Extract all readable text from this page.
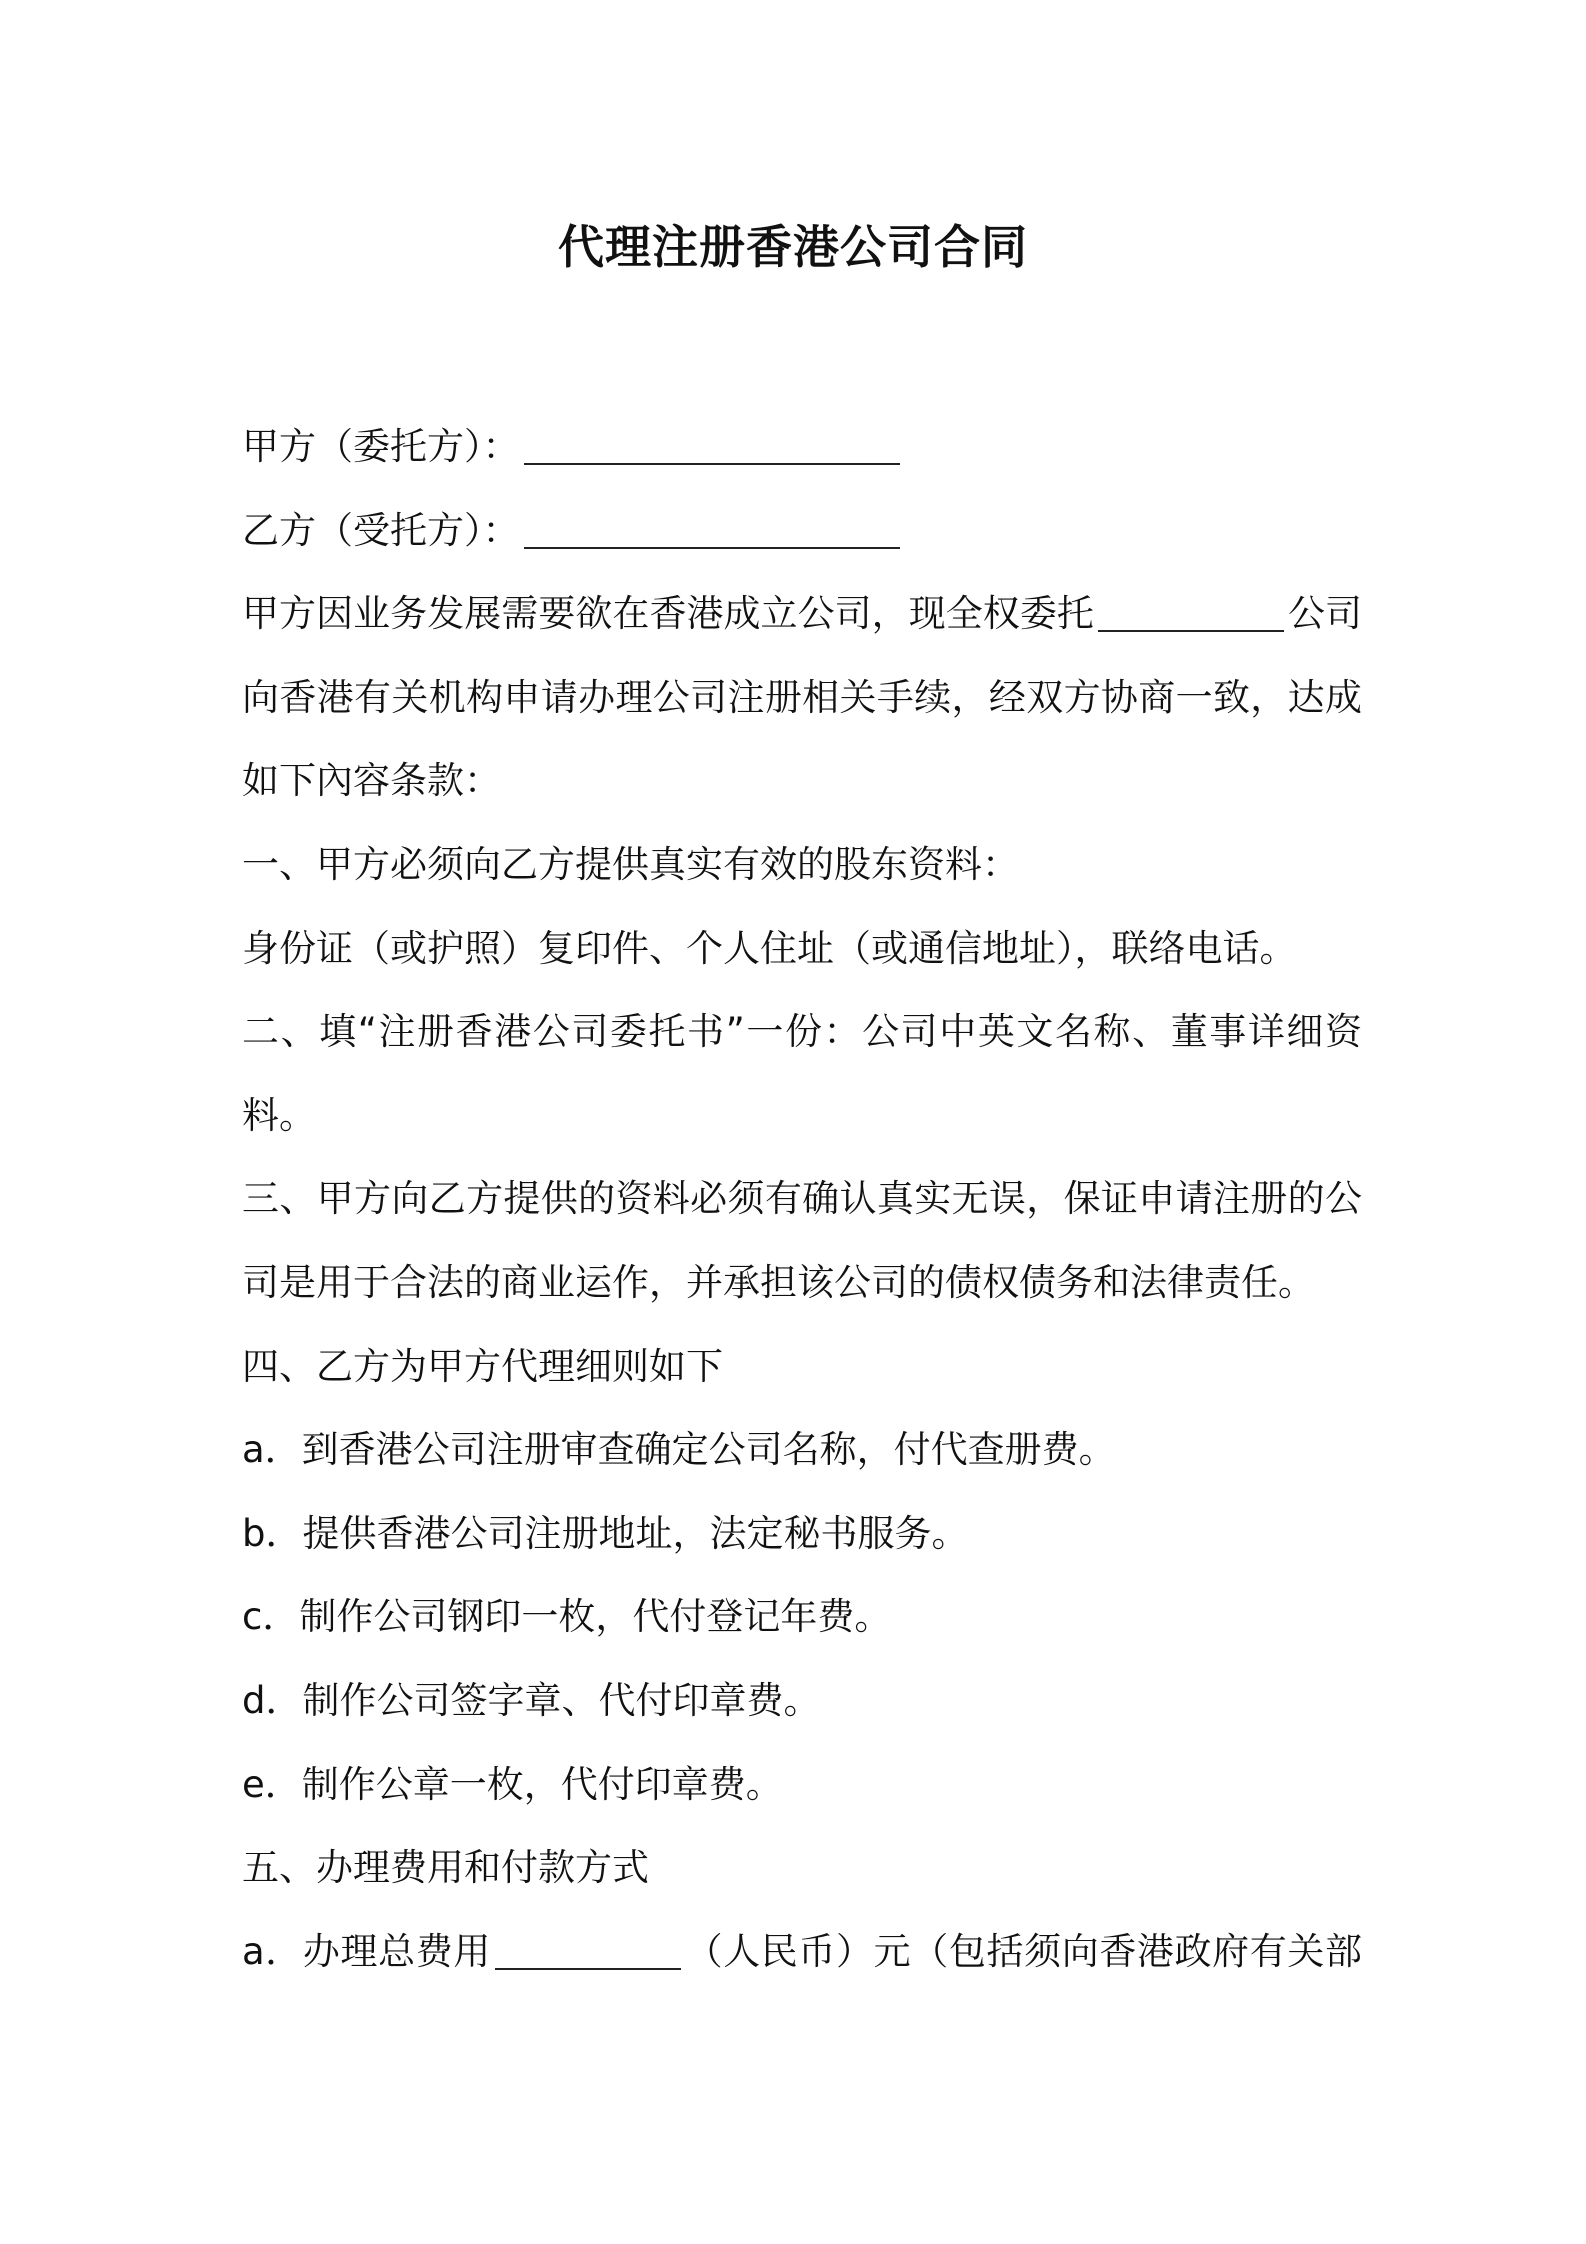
代理注册香港公司合同
甲方（委托方）：
乙方（受托方）：
甲方因业务发展需要欲在香港成立公司，现全权委托	公司
向香港有关机构申请办理公司注册相关手续，经双方协商一致，达成
如下內容条款：
一、甲方必须向乙方提供真实有效的股东资料：
身份证（或护照）复印件、个人住址（或通信地址），联络电话。
二、填“注册香港公司委托书”一份：公司中英文名称、董事详细资
料。
三、甲方向乙方提供的资料必须有确认真实无误，保证申请注册的公
司是用于合法的商业运作，并承担该公司的债权债务和法律责任。
四、乙方为甲方代理细则如下
a．到香港公司注册审查确定公司名称，付代查册费。
b．提供香港公司注册地址，法定秘书服务。
c．制作公司钢印一枚，代付登记年费。
d．制作公司签字章、代付印章费。
e．制作公章一枚，代付印章费。
五、办理费用和付款方式
a．办理总费用	（人民币）元（包括须向香港政府有关部
